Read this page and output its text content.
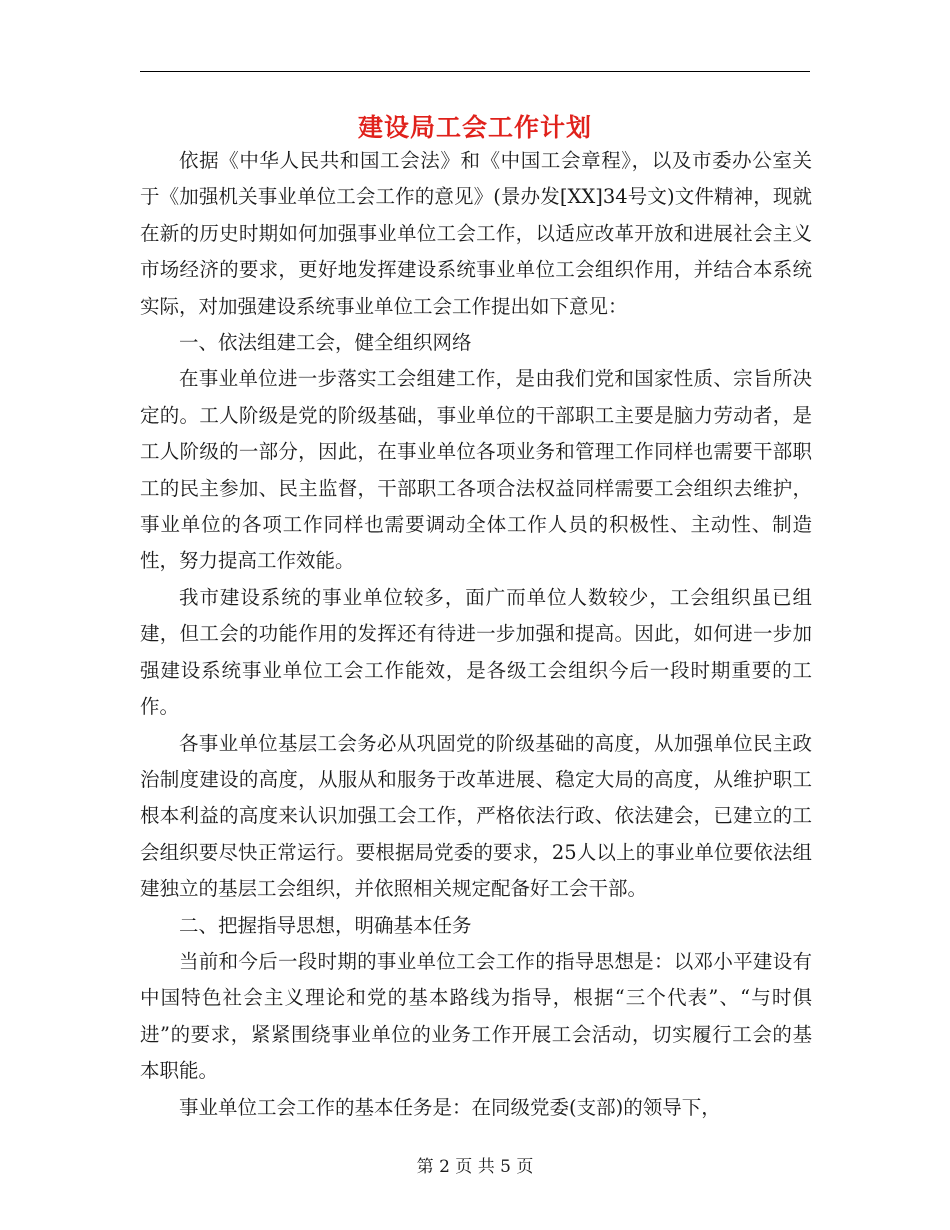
建设局工会工作计划

依据《中华人民共和国工会法》和《中国工会章程》，以及市委办公室关于《加强机关事业单位工会工作的意见》(景办发[XX]34号文)文件精神，现就在新的历史时期如何加强事业单位工会工作，以适应改革开放和进展社会主义市场经济的要求，更好地发挥建设系统事业单位工会组织作用，并结合本系统实际，对加强建设系统事业单位工会工作提出如下意见：

一、依法组建工会，健全组织网络

在事业单位进一步落实工会组建工作，是由我们党和国家性质、宗旨所决定的。工人阶级是党的阶级基础，事业单位的干部职工主要是脑力劳动者，是工人阶级的一部分，因此，在事业单位各项业务和管理工作同样也需要干部职工的民主参加、民主监督，干部职工各项合法权益同样需要工会组织去维护，事业单位的各项工作同样也需要调动全体工作人员的积极性、主动性、制造性，努力提高工作效能。

我市建设系统的事业单位较多，面广而单位人数较少，工会组织虽已组建，但工会的功能作用的发挥还有待进一步加强和提高。因此，如何进一步加强建设系统事业单位工会工作能效，是各级工会组织今后一段时期重要的工作。

各事业单位基层工会务必从巩固党的阶级基础的高度，从加强单位民主政治制度建设的高度，从服从和服务于改革进展、稳定大局的高度，从维护职工根本利益的高度来认识加强工会工作，严格依法行政、依法建会，已建立的工会组织要尽快正常运行。要根据局党委的要求，25人以上的事业单位要依法组建独立的基层工会组织，并依照相关规定配备好工会干部。

二、把握指导思想，明确基本任务

当前和今后一段时期的事业单位工会工作的指导思想是：以邓小平建设有中国特色社会主义理论和党的基本路线为指导，根据“三个代表”、“与时俱进”的要求，紧紧围绕事业单位的业务工作开展工会活动，切实履行工会的基本职能。

事业单位工会工作的基本任务是：在同级党委(支部)的领导下，

第 2 页 共 5 页
